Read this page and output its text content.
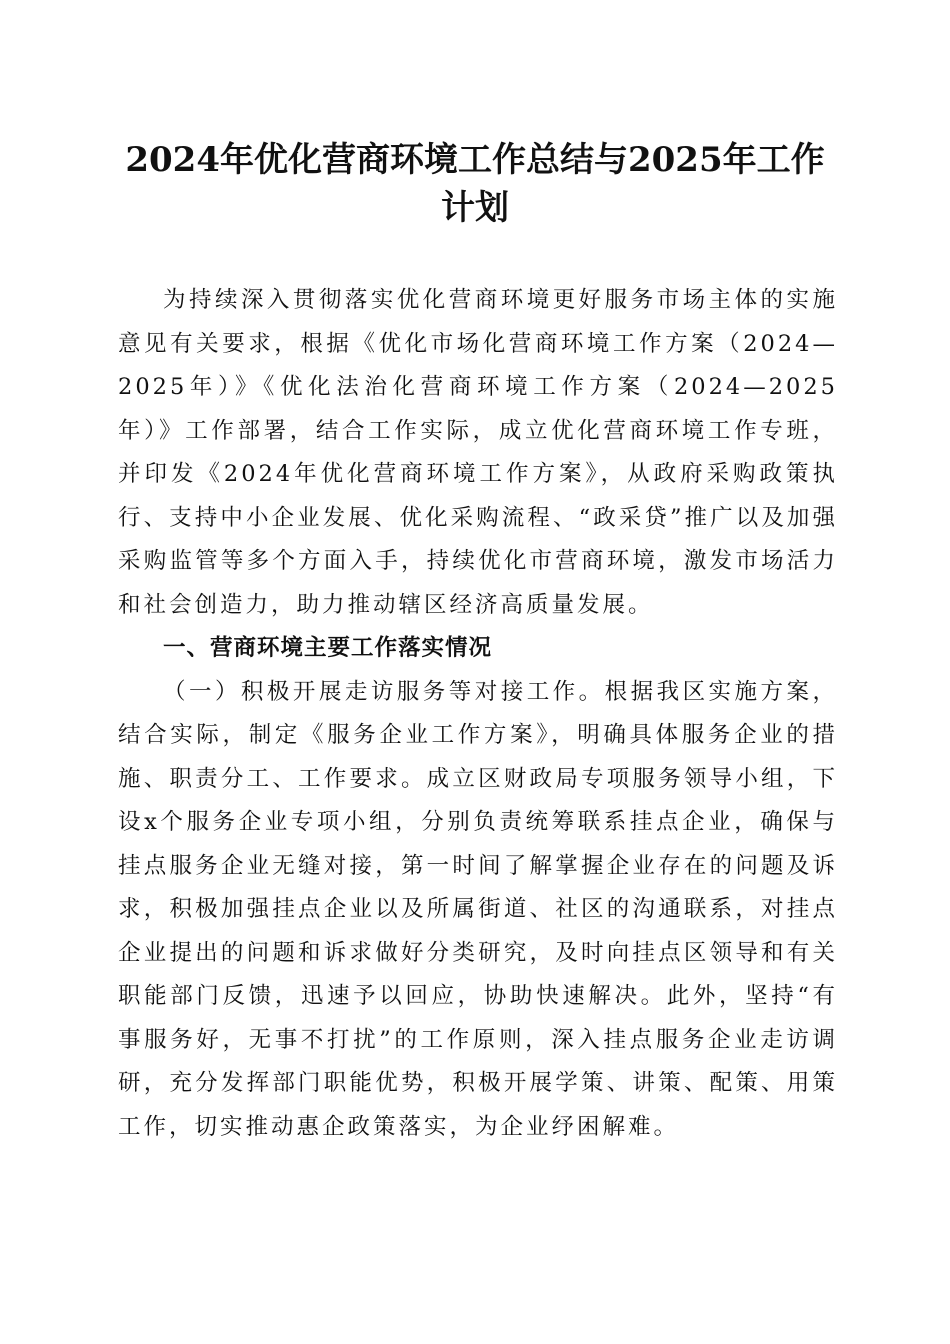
2024年优化营商环境工作总结与2025年工作
计划

为持续深入贯彻落实优化营商环境更好服务市场主体的实施意见有关要求，根据《优化市场化营商环境工作方案（2024—2025年）》《优化法治化营商环境工作方案（2024—2025年）》工作部署，结合工作实际，成立优化营商环境工作专班，并印发《2024年优化营商环境工作方案》，从政府采购政策执行、支持中小企业发展、优化采购流程、“政采贷”推广以及加强采购监管等多个方面入手，持续优化市营商环境，激发市场活力和社会创造力，助力推动辖区经济高质量发展。

一、营商环境主要工作落实情况

（一）积极开展走访服务等对接工作。根据我区实施方案，结合实际，制定《服务企业工作方案》，明确具体服务企业的措施、职责分工、工作要求。成立区财政局专项服务领导小组，下设x个服务企业专项小组，分别负责统筹联系挂点企业，确保与挂点服务企业无缝对接，第一时间了解掌握企业存在的问题及诉求，积极加强挂点企业以及所属街道、社区的沟通联系，对挂点企业提出的问题和诉求做好分类研究，及时向挂点区领导和有关职能部门反馈，迅速予以回应，协助快速解决。此外，坚持“有事服务好，无事不打扰”的工作原则，深入挂点服务企业走访调研，充分发挥部门职能优势，积极开展学策、讲策、配策、用策工作，切实推动惠企政策落实，为企业纾困解难。
